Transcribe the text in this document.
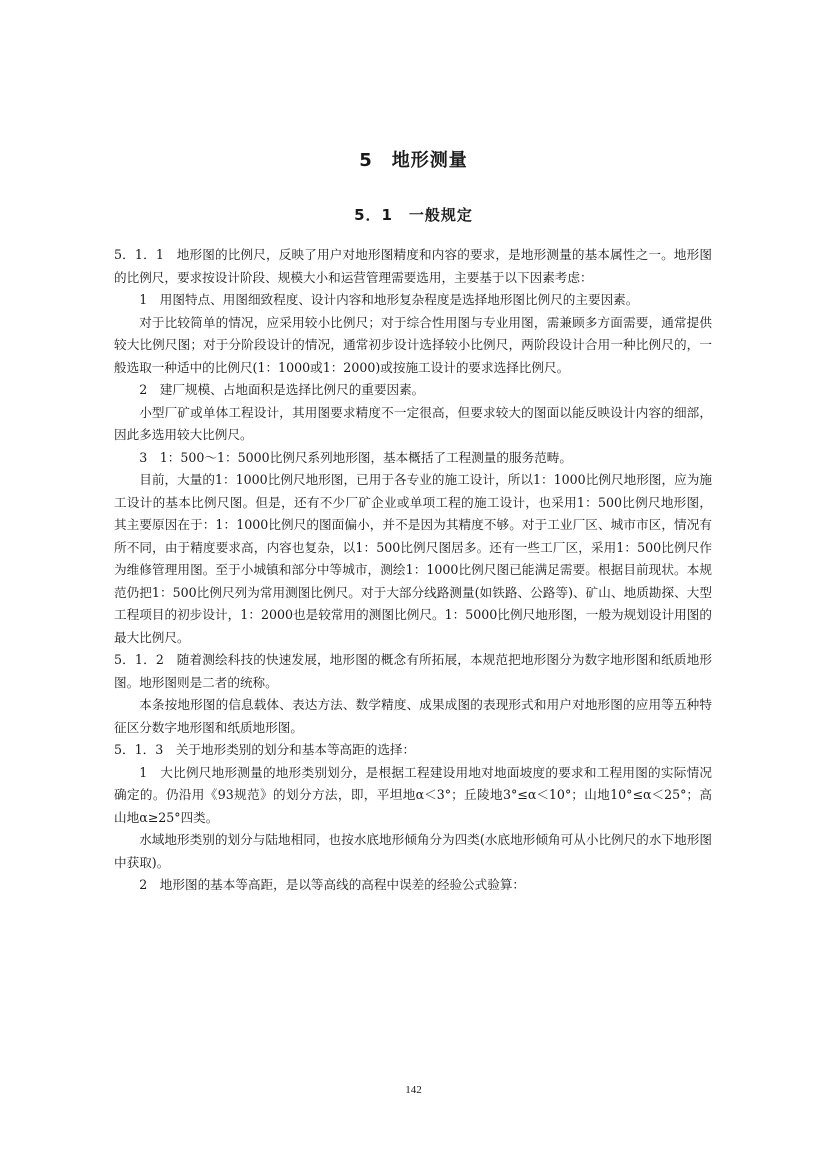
5　地形测量
5．1　一般规定

5．1．1　地形图的比例尺，反映了用户对地形图精度和内容的要求，是地形测量的基本属性之一。地形图的比例尺，要求按设计阶段、规模大小和运营管理需要选用，主要基于以下因素考虑：

1　用图特点、用图细致程度、设计内容和地形复杂程度是选择地形图比例尺的主要因素。

对于比较简单的情况，应采用较小比例尺；对于综合性用图与专业用图，需兼顾多方面需要，通常提供较大比例尺图；对于分阶段设计的情况，通常初步设计选择较小比例尺，两阶段设计合用一种比例尺的，一般选取一种适中的比例尺(1：1000或1：2000)或按施工设计的要求选择比例尺。

2　建厂规模、占地面积是选择比例尺的重要因素。

小型厂矿或单体工程设计，其用图要求精度不一定很高，但要求较大的图面以能反映设计内容的细部，因此多选用较大比例尺。

3　1：500～1：5000比例尺系列地形图，基本概括了工程测量的服务范畴。

目前，大量的1：1000比例尺地形图，已用于各专业的施工设计，所以1：1000比例尺地形图，应为施工设计的基本比例尺图。但是，还有不少厂矿企业或单项工程的施工设计，也采用1：500比例尺地形图，其主要原因在于：1：1000比例尺的图面偏小，并不是因为其精度不够。对于工业厂区、城市市区，情况有所不同，由于精度要求高，内容也复杂，以1：500比例尺图居多。还有一些工厂区，采用1：500比例尺作为维修管理用图。至于小城镇和部分中等城市，测绘1：1000比例尺图已能满足需要。根据目前现状。本规范仍把1：500比例尺列为常用测图比例尺。对于大部分线路测量(如铁路、公路等)、矿山、地质勘探、大型工程项目的初步设计，1：2000也是较常用的测图比例尺。1：5000比例尺地形图，一般为规划设计用图的最大比例尺。

5．1．2　随着测绘科技的快速发展，地形图的概念有所拓展，本规范把地形图分为数字地形图和纸质地形图。地形图则是二者的统称。

本条按地形图的信息载体、表达方法、数学精度、成果成图的表现形式和用户对地形图的应用等五种特征区分数字地形图和纸质地形图。

5．1．3　关于地形类别的划分和基本等高距的选择：

1　大比例尺地形测量的地形类别划分，是根据工程建设用地对地面坡度的要求和工程用图的实际情况确定的。仍沿用《93规范》的划分方法，即，平坦地α＜3°；丘陵地3°≤α＜10°；山地10°≤α＜25°；高山地α≥25°四类。

水域地形类别的划分与陆地相同，也按水底地形倾角分为四类(水底地形倾角可从小比例尺的水下地形图中获取)。

2　地形图的基本等高距，是以等高线的高程中误差的经验公式验算：

142
